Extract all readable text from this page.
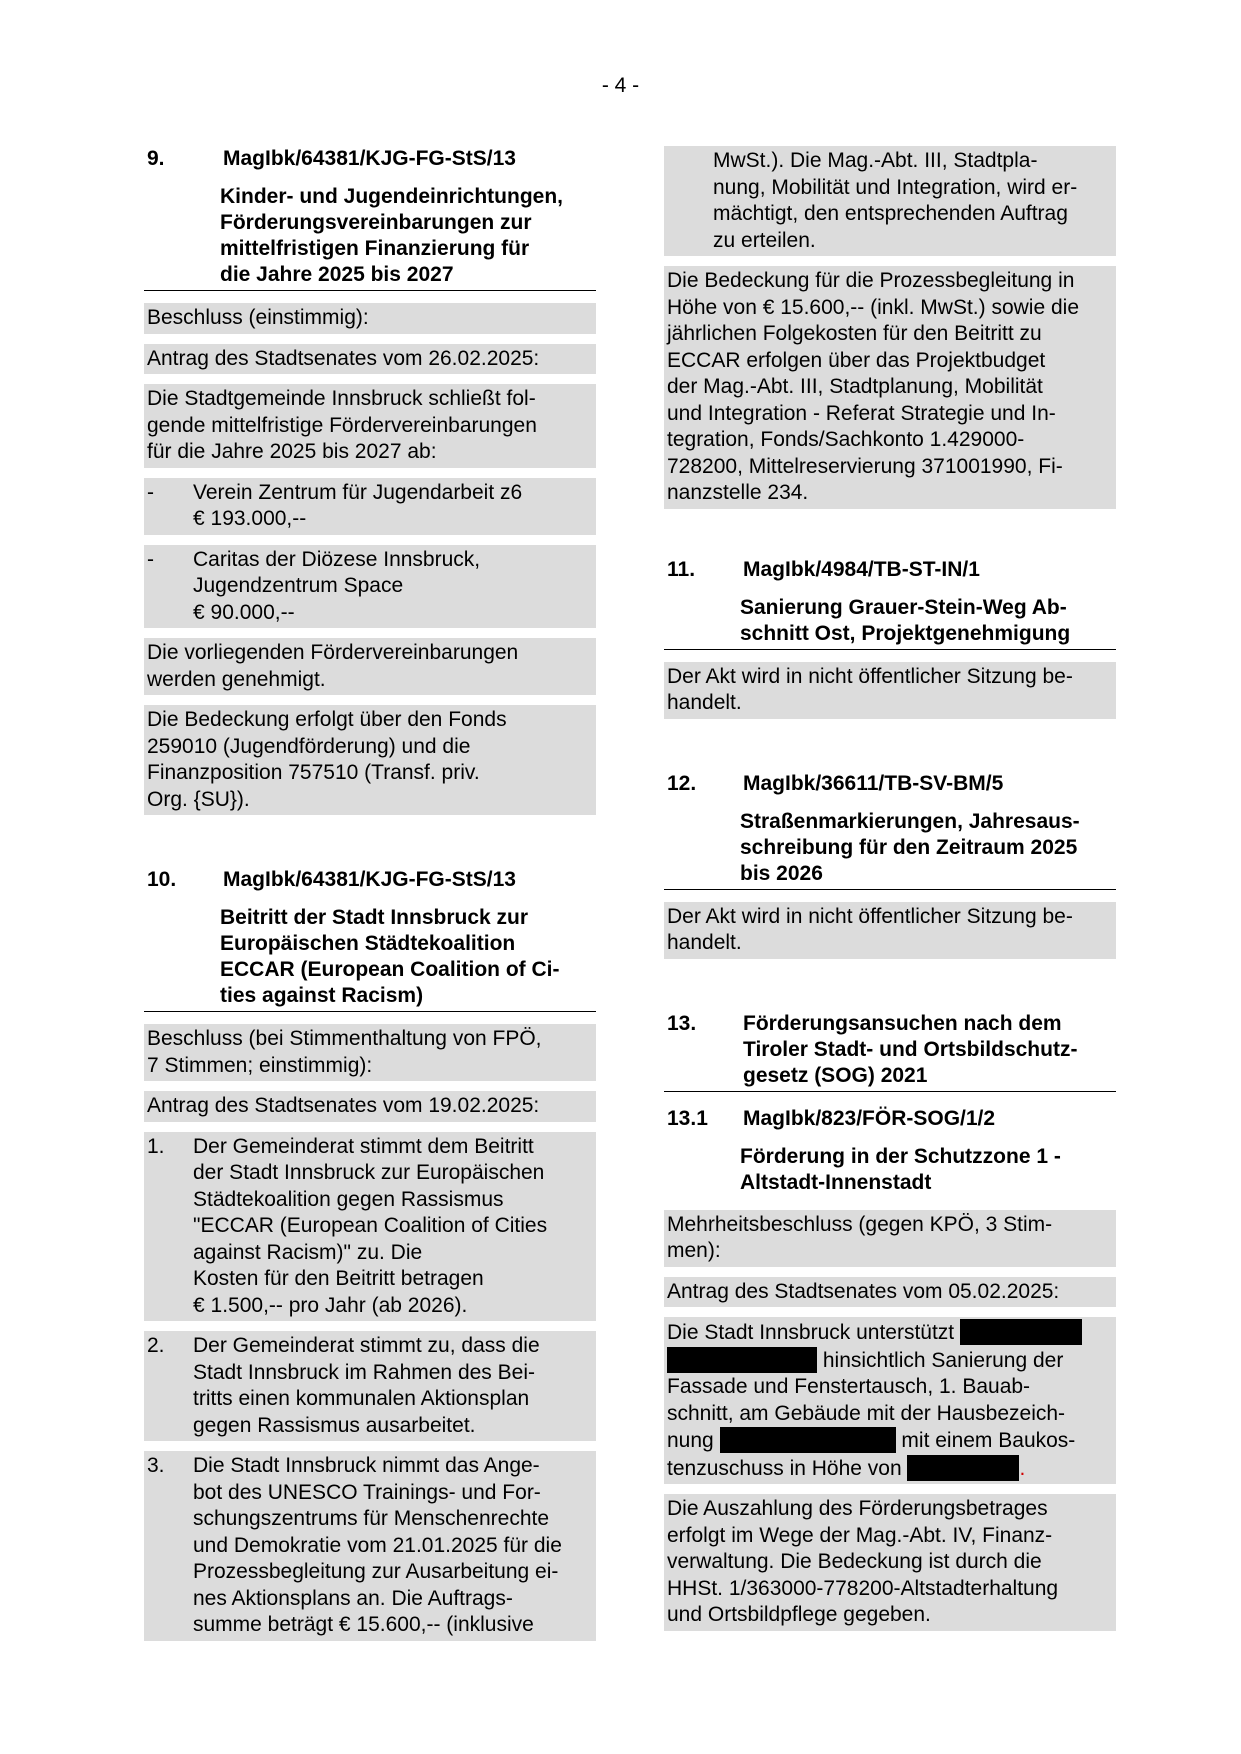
- 4 -
9.	MagIbk/64381/KJG-FG-StS/13
Kinder- und Jugendeinrichtungen,
Förderungsvereinbarungen zur
mittelfristigen Finanzierung für
die Jahre 2025 bis 2027
Beschluss (einstimmig):
Antrag des Stadtsenates vom 26.02.2025:
Die Stadtgemeinde Innsbruck schließt fol-
gende mittelfristige Fördervereinbarungen
für die Jahre 2025 bis 2027 ab:
-	Verein Zentrum für Jugendarbeit z6
€ 193.000,--
-	Caritas der Diözese Innsbruck,
Jugendzentrum Space
€ 90.000,--
Die vorliegenden Fördervereinbarungen
werden genehmigt.
Die Bedeckung erfolgt über den Fonds
259010 (Jugendförderung) und die
Finanzposition 757510 (Transf. priv.
Org. {SU}).
10.	MagIbk/64381/KJG-FG-StS/13
Beitritt der Stadt Innsbruck zur
Europäischen Städtekoalition
ECCAR (European Coalition of Ci-
ties against Racism)
Beschluss (bei Stimmenthaltung von FPÖ,
7 Stimmen; einstimmig):
Antrag des Stadtsenates vom 19.02.2025:
1.	Der Gemeinderat stimmt dem Beitritt
der Stadt Innsbruck zur Europäischen
Städtekoalition gegen Rassismus
"ECCAR (European Coalition of Cities
against Racism)" zu. Die
Kosten für den Beitritt betragen
€ 1.500,-- pro Jahr (ab 2026).
2.	Der Gemeinderat stimmt zu, dass die
Stadt Innsbruck im Rahmen des Bei-
tritts einen kommunalen Aktionsplan
gegen Rassismus ausarbeitet.
3.	Die Stadt Innsbruck nimmt das Ange-
bot des UNESCO Trainings- und For-
schungszentrums für Menschenrechte
und Demokratie vom 21.01.2025 für die
Prozessbegleitung zur Ausarbeitung ei-
nes Aktionsplans an. Die Auftrags-
summe beträgt € 15.600,-- (inklusive
MwSt.). Die Mag.-Abt. III, Stadtpla-
nung, Mobilität und Integration, wird er-
mächtigt, den entsprechenden Auftrag
zu erteilen.
Die Bedeckung für die Prozessbegleitung in
Höhe von € 15.600,-- (inkl. MwSt.) sowie die
jährlichen Folgekosten für den Beitritt zu
ECCAR erfolgen über das Projektbudget
der Mag.-Abt. III, Stadtplanung, Mobilität
und Integration - Referat Strategie und In-
tegration, Fonds/Sachkonto 1.429000-
728200, Mittelreservierung 371001990, Fi-
nanzstelle 234.
11.	MagIbk/4984/TB-ST-IN/1
Sanierung Grauer-Stein-Weg Ab-
schnitt Ost, Projektgenehmigung
Der Akt wird in nicht öffentlicher Sitzung be-
handelt.
12.	MagIbk/36611/TB-SV-BM/5
Straßenmarkierungen, Jahresaus-
schreibung für den Zeitraum 2025
bis 2026
Der Akt wird in nicht öffentlicher Sitzung be-
handelt.
13.	Förderungsansuchen nach dem
Tiroler Stadt- und Ortsbildschutz-
gesetz (SOG) 2021
13.1	MagIbk/823/FÖR-SOG/1/2
Förderung in der Schutzzone 1 -
Altstadt-Innenstadt
Mehrheitsbeschluss (gegen KPÖ, 3 Stim-
men):
Antrag des Stadtsenates vom 05.02.2025:
Die Stadt Innsbruck unterstützt
hinsichtlich Sanierung der
Fassade und Fenstertausch, 1. Bauab-
schnitt, am Gebäude mit der Hausbezeich-
nung	mit einem Baukos-
tenzuschuss in Höhe von	.
Die Auszahlung des Förderungsbetrages
erfolgt im Wege der Mag.-Abt. IV, Finanz-
verwaltung. Die Bedeckung ist durch die
HHSt. 1/363000-778200-Altstadterhaltung
und Ortsbildpflege gegeben.
